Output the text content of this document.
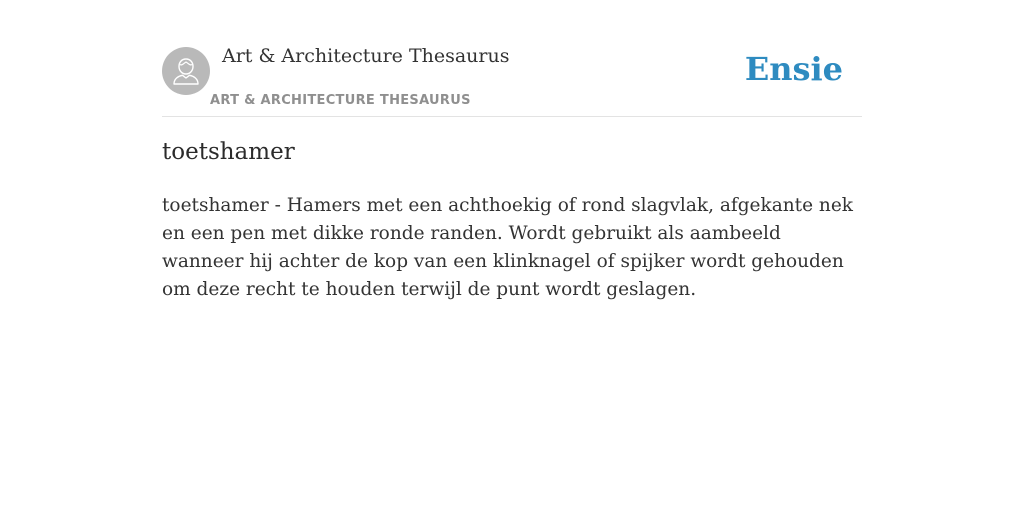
Art & Architecture Thesaurus
ART & ARCHITECTURE THESAURUS
Ensie
toetshamer

toetshamer - Hamers met een achthoekig of rond slagvlak, afgekante nek en een pen met dikke ronde randen. Wordt gebruikt als aambeeld wanneer hij achter de kop van een klinknagel of spijker wordt gehouden om deze recht te houden terwijl de punt wordt geslagen.
